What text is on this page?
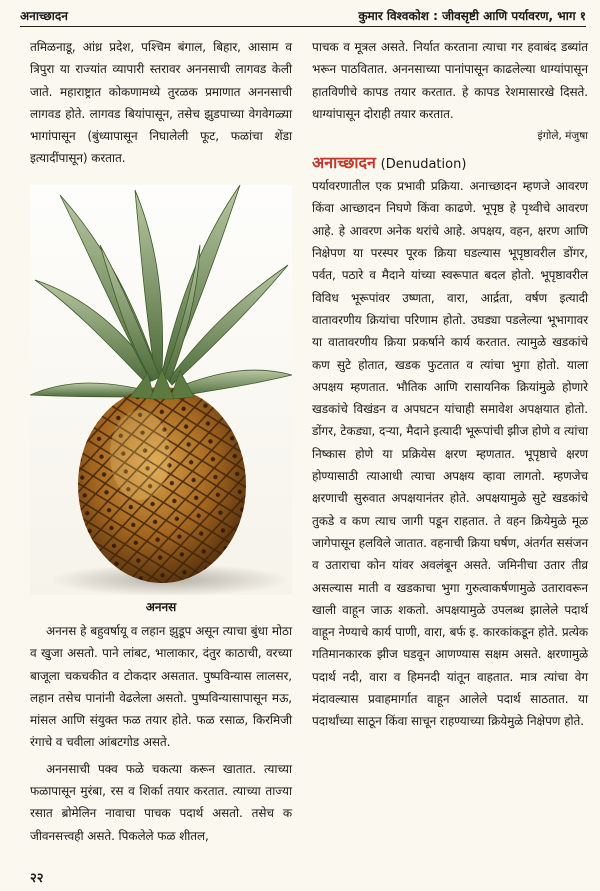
अनाच्छादन	कुमार विश्वकोश : जीवसृष्टी आणि पर्यावरण, भाग १

तमिळनाडू, आंध्र प्रदेश, पश्चिम बंगाल, बिहार, आसाम व त्रिपुरा या राज्यांत व्यापारी स्तरावर अननसाची लागवड केली जाते. महाराष्ट्रात कोकणामध्ये तुरळक प्रमाणात अननसाची लागवड होते. लागवड बियांपासून, तसेच झुडपाच्या वेगवेगळ्या भागांपासून (बुंध्यापासून निघालेली फूट, फळांचा शेंडा इत्यादींपासून) करतात.

अननस

अननस हे बहुवर्षायू व लहान झुडूप असून त्याचा बुंधा मोठा व खुजा असतो. पाने लांबट, भालाकार, दंतुर काठाची, वरच्या बाजूला चकचकीत व टोकदार असतात. पुष्पविन्यास लालसर, लहान तसेच पानांनी वेढलेला असतो. पुष्पविन्यासापासून मऊ, मांसल आणि संयुक्त फळ तयार होते. फळ रसाळ, किरमिजी रंगाचे व चवीला आंबटगोड असते.

अननसाची पक्व फळे चकत्या करून खातात. त्याच्या फळापासून मुरंबा, रस व शिर्का तयार करतात. त्याच्या ताज्या रसात ब्रोमेलिन नावाचा पाचक पदार्थ असतो. तसेच क जीवनसत्त्वही असते. पिकलेले फळ शीतल,

पाचक व मूत्रल असते. निर्यात करताना त्याचा गर हवाबंद डब्यांत भरून पाठवितात. अननसाच्या पानांपासून काढलेल्या धाग्यांपासून हातविणीचे कापड तयार करतात. हे कापड रेशमासारखे दिसते. धाग्यांपासून दोराही तयार करतात.

इंगोले, मंजुषा
अनाच्छादन (Denudation)

पर्यावरणातील एक प्रभावी प्रक्रिया. अनाच्छादन म्हणजे आवरण किंवा आच्छादन निघणे किंवा काढणे. भूपृष्ठ हे पृथ्वीचे आवरण आहे. हे आवरण अनेक थरांचे आहे. अपक्षय, वहन, क्षरण आणि निक्षेपण या परस्पर पूरक क्रिया घडल्यास भूपृष्ठावरील डोंगर, पर्वत, पठारे व मैदाने यांच्या स्वरूपात बदल होतो. भूपृष्ठावरील विविध भूरूपांवर उष्णता, वारा, आर्द्रता, वर्षण इत्यादी वातावरणीय क्रियांचा परिणाम होतो. उघड्या पडलेल्या भूभागावर या वातावरणीय क्रिया प्रकर्षाने कार्य करतात. त्यामुळे खडकांचे कण सुटे होतात, खडक फुटतात व त्यांचा भुगा होतो. याला अपक्षय म्हणतात. भौतिक आणि रासायनिक क्रियांमुळे होणारे खडकांचे विखंडन व अपघटन यांचाही समावेश अपक्षयात होतो. डोंगर, टेकड्या, दऱ्या, मैदाने इत्यादी भूरूपांची झीज होणे व त्यांचा निष्कास होणे या प्रक्रियेस क्षरण म्हणतात. भूपृष्ठाचे क्षरण होण्यासाठी त्याआधी त्याचा अपक्षय व्हावा लागतो. म्हणजेच क्षरणाची सुरुवात अपक्षयानंतर होते. अपक्षयामुळे सुटे खडकांचे तुकडे व कण त्याच जागी पडून राहतात. ते वहन क्रियेमुळे मूळ जागेपासून हलविले जातात. वहनाची क्रिया घर्षण, अंतर्गत ससंजन व उताराचा कोन यांवर अवलंबून असते. जमिनीचा उतार तीव्र असल्यास माती व खडकाचा भुगा गुरुत्वाकर्षणामुळे उतारावरून खाली वाहून जाऊ शकतो. अपक्षयामुळे उपलब्ध झालेले पदार्थ वाहून नेण्याचे कार्य पाणी, वारा, बर्फ इ. कारकांकडून होते. प्रत्येक गतिमानकारक झीज घडवून आणण्यास सक्षम असते. क्षरणामुळे पदार्थ नदी, वारा व हिमनदी यांतून वाहतात. मात्र त्यांचा वेग मंदावल्यास प्रवाहमार्गात वाहून आलेले पदार्थ साठतात. या पदार्थांच्या साठून किंवा साचून राहण्याच्या क्रियेमुळे निक्षेपण होते.

२२
